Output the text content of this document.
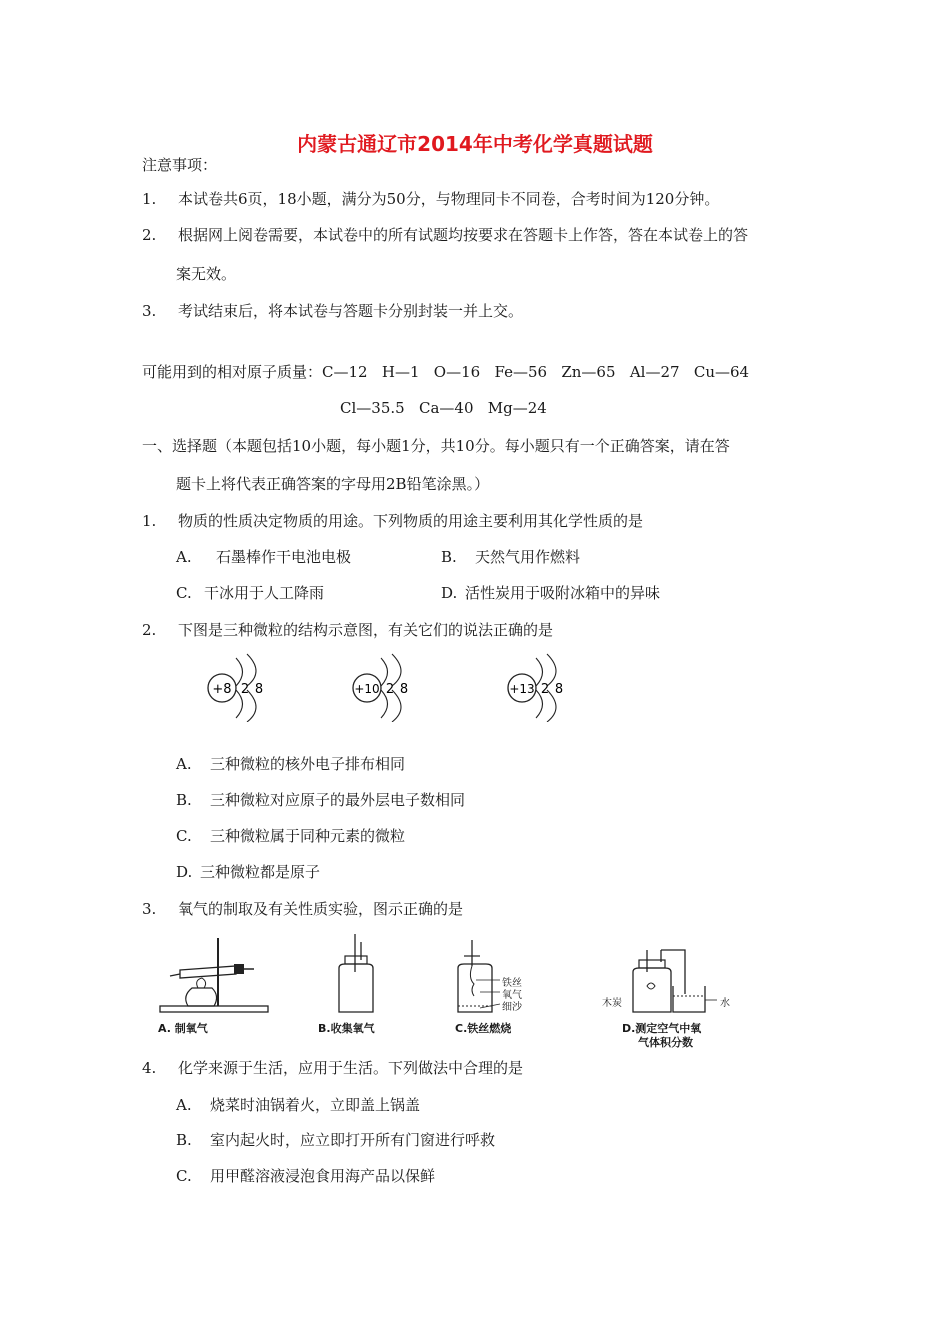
内蒙古通辽市2014年中考化学真题试题
注意事项：
1. 本试卷共6页，18小题，满分为50分，与物理同卡不同卷，合考时间为120分钟。
2. 根据网上阅卷需要，本试卷中的所有试题均按要求在答题卡上作答，答在本试卷上的答
案无效。
3. 考试结束后，将本试卷与答题卡分别封装一并上交。
可能用到的相对原子质量：C—12   H—1   O—16   Fe—56   Zn—65   Al—27   Cu—64
Cl—35.5   Ca—40   Mg—24
一、选择题（本题包括10小题，每小题1分，共10分。每小题只有一个正确答案，请在答
题卡上将代表正确答案的字母用2B铅笔涂黑。）
1. 物质的性质决定物质的用途。下列物质的用途主要利用其化学性质的是
A. 石墨棒作干电池电极	B. 天然气用作燃料
C. 干冰用于人工降雨	D. 活性炭用于吸附冰箱中的异味
2. 下图是三种微粒的结构示意图，有关它们的说法正确的是
+8 2 8	+10 2 8	+13 2 8
A. 三种微粒的核外电子排布相同
B. 三种微粒对应原子的最外层电子数相同
C. 三种微粒属于同种元素的微粒
D. 三种微粒都是原子
3. 氧气的制取及有关性质实验，图示正确的是
A. 制氧气	B.收集氧气
铁丝
氧气
细沙
C.铁丝燃烧
木炭	水
D.测定空气中氧
气体积分数
4. 化学来源于生活，应用于生活。下列做法中合理的是
A. 烧菜时油锅着火，立即盖上锅盖
B. 室内起火时，应立即打开所有门窗进行呼救
C. 用甲醛溶液浸泡食用海产品以保鲜
